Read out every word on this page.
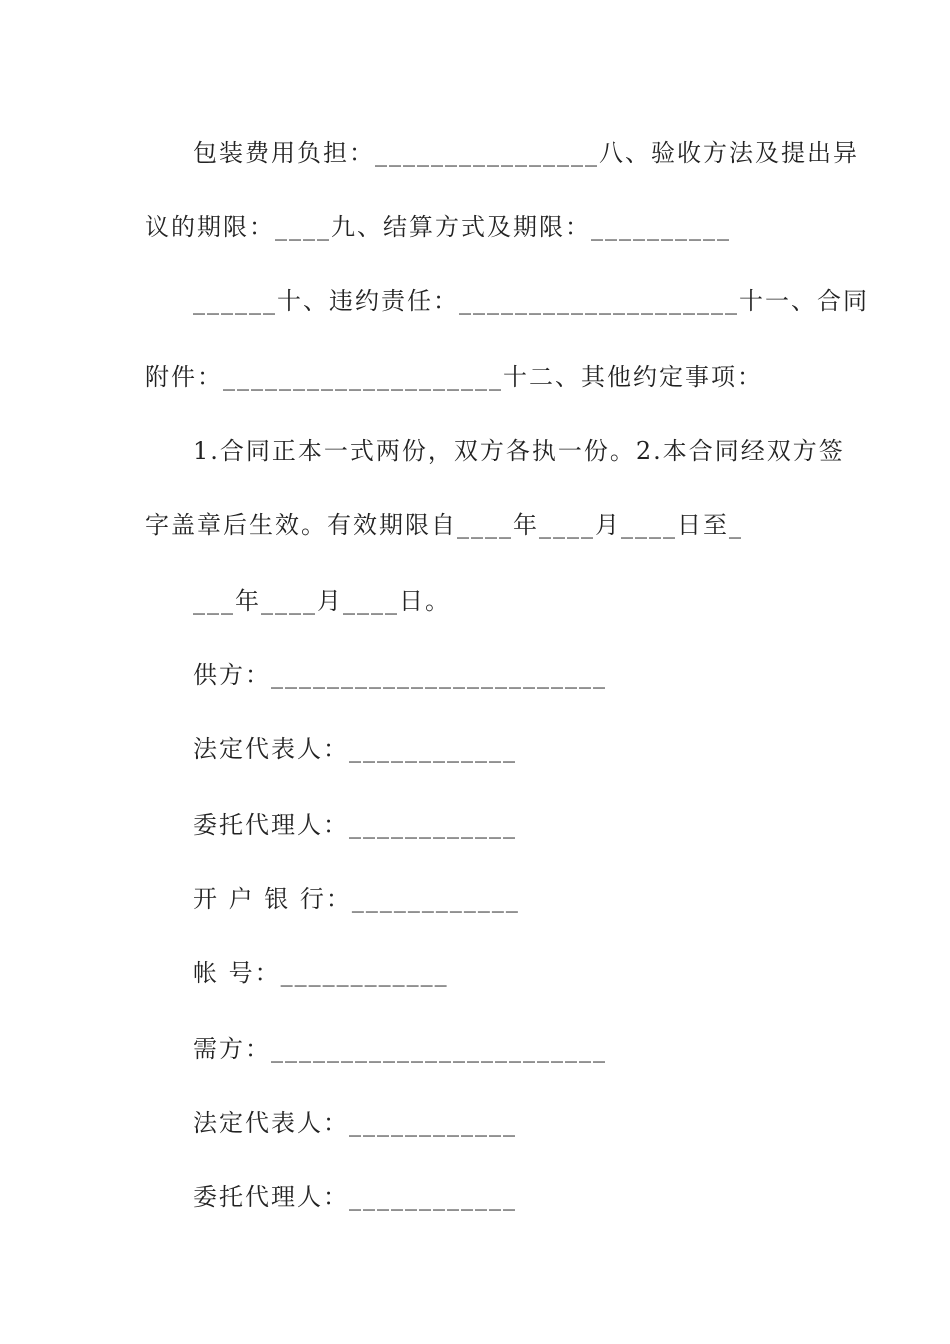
包装费用负担：________________八、验收方法及提出异

议的期限：____九、结算方式及期限：__________

______十、违约责任：____________________十一、合同

附件：____________________十二、其他约定事项：

1.合同正本一式两份，双方各执一份。2.本合同经双方签

字盖章后生效。有效期限自____年____月____日至_

___年____月____日。

供方：________________________

法定代表人：____________

委托代理人：____________

开 户 银 行：____________

帐 号：____________

需方：________________________

法定代表人：____________

委托代理人：____________
